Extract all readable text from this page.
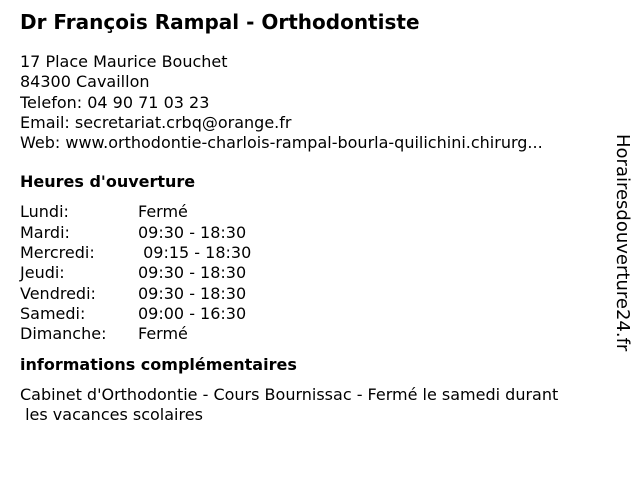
Dr François Rampal - Orthodontiste
17 Place Maurice Bouchet
84300 Cavaillon
Telefon: 04 90 71 03 23
Email: secretariat.crbq@orange.fr
Web: www.orthodontie-charlois-rampal-bourla-quilichini.chirurg...
Heures d'ouverture
Lundi:	Fermé
Mardi:	09:30 - 18:30
Mercredi:	09:15 - 18:30
Jeudi:	09:30 - 18:30
Vendredi:	09:30 - 18:30
Samedi:	09:00 - 16:30
Dimanche:	Fermé
informations complémentaires
Cabinet d'Orthodontie - Cours Bournissac - Fermé le samedi durant
les vacances scolaires
Horairesdouverture24.fr
